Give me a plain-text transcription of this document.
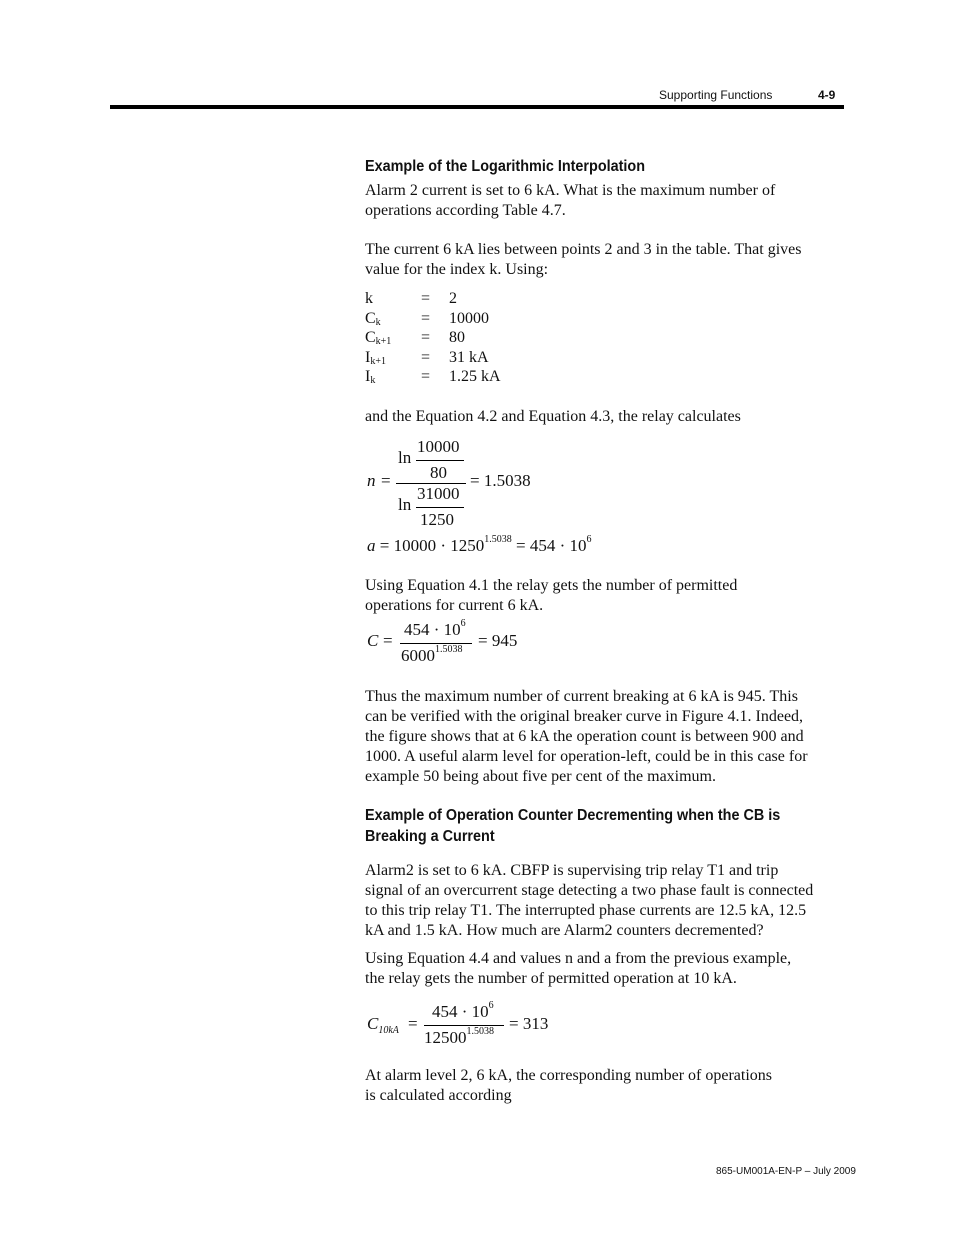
Supporting Functions	4-9
Example of the Logarithmic Interpolation
Alarm 2 current is set to 6 kA. What is the maximum number of
operations according Table 4.7.
The current 6 kA lies between points 2 and 3 in the table. That gives
value for the index k. Using:
k	= 2
$C_k$	= 10000
$C_{k+1} = 80$
$I_{k+1} = 31$ kA
$I_k$	= 1.25 kA
and the Equation 4.2 and Equation 4.3, the relay calculates
n =
ln
10000
80
ln
31000
1250
= 1.5038
$a = 10000 \cdot 1250^{1.5038} = 454 \cdot 10^6$
Using Equation 4.1 the relay gets the number of permitted
operations for current 6 kA.
C =
$454 \cdot 10^6$
$6000^{1.5038} = 945$
Thus the maximum number of current breaking at 6 kA is 945. This
can be verified with the original breaker curve in Figure 4.1. Indeed,
the figure shows that at 6 kA the operation count is between 900 and
1000. A useful alarm level for operation-left, could be in this case for
example 50 being about five per cent of the maximum.
Example of Operation Counter Decrementing when the CB is
Breaking a Current
Alarm2 is set to 6 kA. CBFP is supervising trip relay T1 and trip
signal of an overcurrent stage detecting a two phase fault is connected
to this trip relay T1. The interrupted phase currents are 12.5 kA, 12.5
kA and 1.5 kA. How much are Alarm2 counters decremented?
Using Equation 4.4 and values n and a from the previous example,
the relay gets the number of permitted operation at 10 kA.
$C_{10kA}$ =
$454 \cdot 10^6$
$12500^{1.5038} = 313$
At alarm level 2, 6 kA, the corresponding number of operations
is calculated according
865-UM001A-EN-P – July 2009
